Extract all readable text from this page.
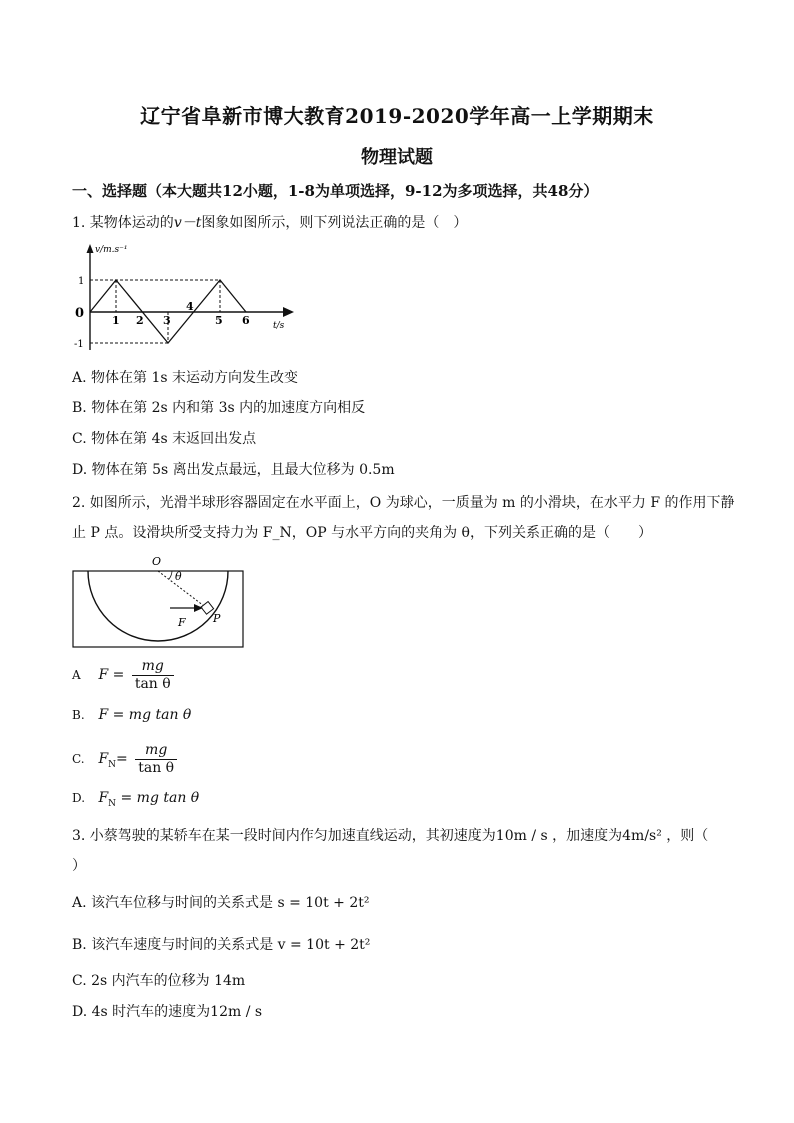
辽宁省阜新市博大教育2019-2020学年高一上学期期末
物理试题
一、选择题（本大题共12小题，1-8为单项选择，9-12为多项选择，共48分）
1. 某物体运动的v－t图象如图所示，则下列说法正确的是（　）
v/m.s⁻¹
t/s
1
0
-1
1 2 3
4
5 6
A. 物体在第 1s 末运动方向发生改变
B. 物体在第 2s 内和第 3s 内的加速度方向相反
C. 物体在第 4s 末返回出发点
D. 物体在第 5s 离出发点最远，且最大位移为 0.5m
2. 如图所示，光滑半球形容器固定在水平面上，O 为球心，一质量为 m 的小滑块，在水平力 F 的作用下静
止 P 点。设滑块所受支持力为 F_N，OP 与水平方向的夹角为 θ，下列关系正确的是（　　）
O
θ
F P
A $F = \frac{mg}{\text{tan θ}}$
B. F = mg tan θ
C. $F_N= \frac{mg}{\text{tan θ}}$
D. $F_N$ = mg tan θ
3. 小蔡驾驶的某轿车在某一段时间内作匀加速直线运动，其初速度为10m / s ，加速度为4m/s² ，则（
）
A. 该汽车位移与时间的关系式是 s = 10t + 2t²
B. 该汽车速度与时间的关系式是 v = 10t + 2t²
C. 2s 内汽车的位移为 14m
D. 4s 时汽车的速度为12m / s
